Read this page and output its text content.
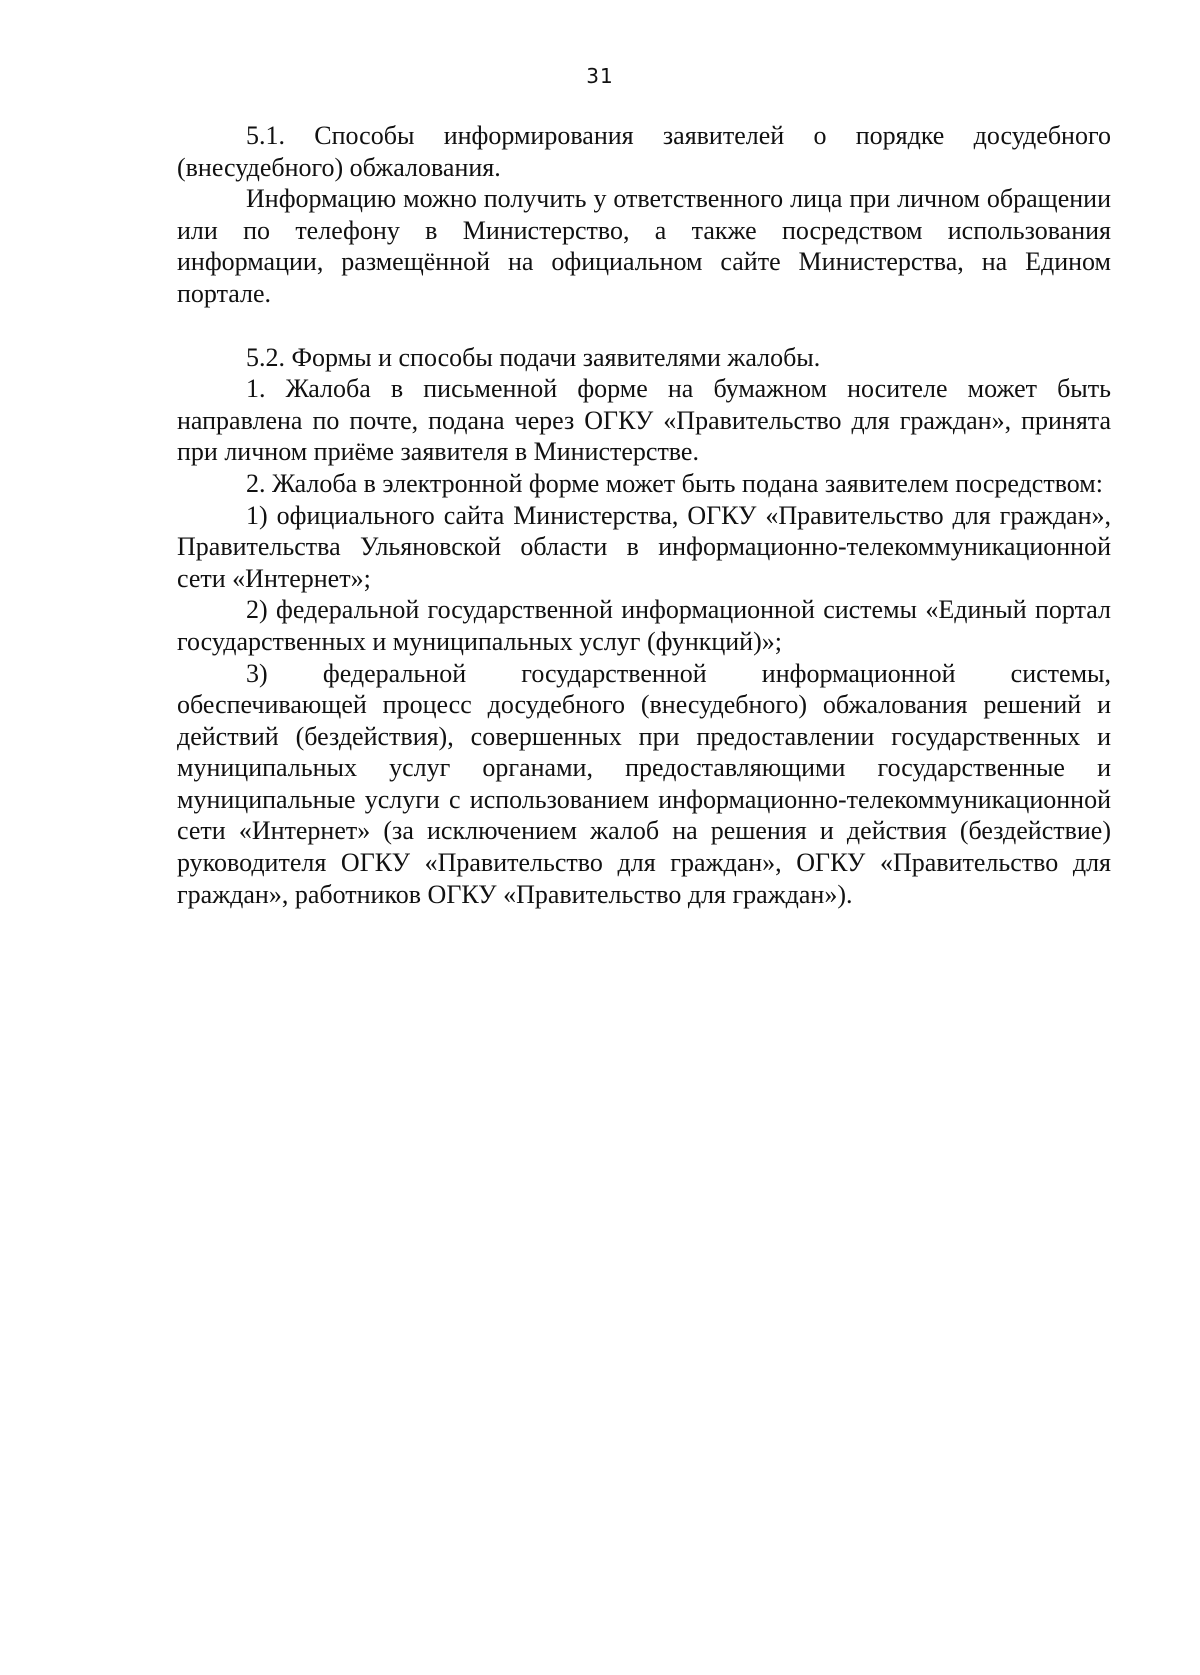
31

5.1. Способы информирования заявителей о порядке досудебного (внесудебного) обжалования.

Информацию можно получить у ответственного лица при личном обращении или по телефону в Министерство, а также посредством использования информации, размещённой на официальном сайте Министерства, на Едином портале.

5.2. Формы и способы подачи заявителями жалобы.

1. Жалоба в письменной форме на бумажном носителе может быть направлена по почте, подана через ОГКУ «Правительство для граждан», принята при личном приёме заявителя в Министерстве.

2. Жалоба в электронной форме может быть подана заявителем посредством:

1) официального сайта Министерства, ОГКУ «Правительство для граждан», Правительства Ульяновской области в информационно-телекоммуникационной сети «Интернет»;

2) федеральной государственной информационной системы «Единый портал государственных и муниципальных услуг (функций)»;

3) федеральной государственной информационной системы, обеспечивающей процесс досудебного (внесудебного) обжалования решений и действий (бездействия), совершенных при предоставлении государственных и муниципальных услуг органами, предоставляющими государственные и муниципальные услуги с использованием информационно-телекоммуникационной сети «Интернет» (за исключением жалоб на решения и действия (бездействие) руководителя ОГКУ «Правительство для граждан», ОГКУ «Правительство для граждан», работников ОГКУ «Правительство для граждан»).
